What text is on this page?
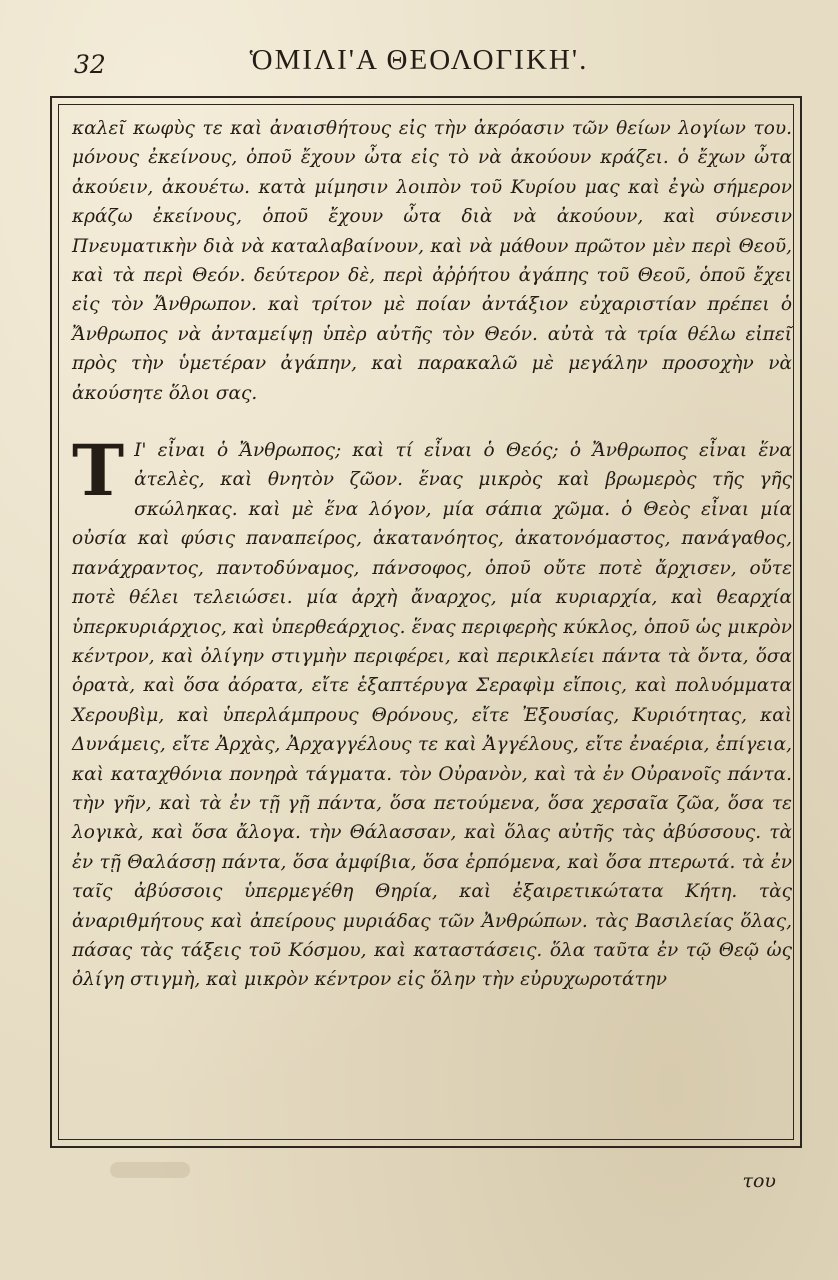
32	ὉΜΙΛΙ'Α ΘΕΟΛΟΓΙΚΗ'.

καλεῖ κωφὺς τε καὶ ἀναισθήτους εἰς τὴν ἀκρόασιν τῶν θείων λογίων του. μόνους ἐκείνους, ὁποῦ ἔχουν ὦτα εἰς τὸ νὰ ἀκούουν κράζει. ὁ ἔχων ὦτα ἀκούειν, ἀκουέτω. κατὰ μίμησιν λοιπὸν τοῦ Κυρίου μας καὶ ἐγὼ σήμερον κράζω ἐκείνους, ὁποῦ ἔχουν ὦτα διὰ νὰ ἀκούουν, καὶ σύνεσιν Πνευματικὴν διὰ νὰ καταλαβαίνουν, καὶ νὰ μάθουν πρῶτον μὲν περὶ Θεοῦ, καὶ τὰ περὶ Θεόν. δεύτερον δὲ, περὶ ἀῤῥήτου ἀγάπης τοῦ Θεοῦ, ὁποῦ ἔχει εἰς τὸν Ἄνθρωπον. καὶ τρίτον μὲ ποίαν ἀντάξιον εὐχαριστίαν πρέπει ὁ Ἄνθρωπος νὰ ἀνταμείψῃ ὑπὲρ αὐτῆς τὸν Θεόν. αὐτὰ τὰ τρία θέλω εἰπεῖ πρὸς τὴν ὑμετέραν ἀγάπην, καὶ παρακαλῶ μὲ μεγάλην προσοχὴν νὰ ἀκούσητε ὅλοι σας.

Τ Ι' εἶναι ὁ Ἄνθρωπος; καὶ τί εἶναι ὁ Θεός; ὁ Ἄνθρωπος εἶναι ἕνα ἀτελὲς, καὶ θνητὸν ζῶον. ἕνας μικρὸς καὶ βρωμερὸς τῆς γῆς σκώληκας. καὶ μὲ ἕνα λόγον, μία σάπια χῶμα. ὁ Θεὸς εἶναι μία οὐσία καὶ φύσις παναπείρος, ἀκατανόητος, ἀκατονόμαστος, πανάγαθος, πανάχραντος, παντοδύναμος, πάνσοφος, ὁποῦ οὔτε ποτὲ ἄρχισεν, οὔτε ποτὲ θέλει τελειώσει. μία ἀρχὴ ἄναρχος, μία κυριαρχία, καὶ θεαρχία ὑπερκυριάρχιος, καὶ ὑπερθεάρχιος. ἕνας περιφερὴς κύκλος, ὁποῦ ὡς μικρὸν κέντρον, καὶ ὀλίγην στιγμὴν περιφέρει, καὶ περικλείει πάντα τὰ ὄντα, ὅσα ὁρατὰ, καὶ ὅσα ἀόρατα, εἴτε ἑξαπτέρυγα Σεραφὶμ εἴποις, καὶ πολυόμματα Χερουβὶμ, καὶ ὑπερλάμπρους Θρόνους, εἴτε Ἐξουσίας, Κυριότητας, καὶ Δυνάμεις, εἴτε Ἀρχὰς, Ἀρχαγγέλους τε καὶ Ἀγγέλους, εἴτε ἐναέρια, ἐπίγεια, καὶ καταχθόνια πονηρὰ τάγματα. τὸν Οὐρανὸν, καὶ τὰ ἐν Οὐρανοῖς πάντα. τὴν γῆν, καὶ τὰ ἐν τῇ γῇ πάντα, ὅσα πετούμενα, ὅσα χερσαῖα ζῶα, ὅσα τε λογικὰ, καὶ ὅσα ἄλογα. τὴν Θάλασσαν, καὶ ὅλας αὐτῆς τὰς ἀβύσσους. τὰ ἐν τῇ Θαλάσσῃ πάντα, ὅσα ἀμφίβια, ὅσα ἑρπόμενα, καὶ ὅσα πτερωτά. τὰ ἐν ταῖς ἀβύσσοις ὑπερμεγέθη Θηρία, καὶ ἐξαιρετικώτατα Κήτη. τὰς ἀναριθμήτους καὶ ἀπείρους μυριάδας τῶν Ἀνθρώπων. τὰς Βασιλείας ὅλας, πάσας τὰς τάξεις τοῦ Κόσμου, καὶ καταστάσεις. ὅλα ταῦτα ἐν τῷ Θεῷ ὡς ὀλίγη στιγμὴ, καὶ μικρὸν κέντρον εἰς ὅλην τὴν εὐρυχωροτάτην

του
